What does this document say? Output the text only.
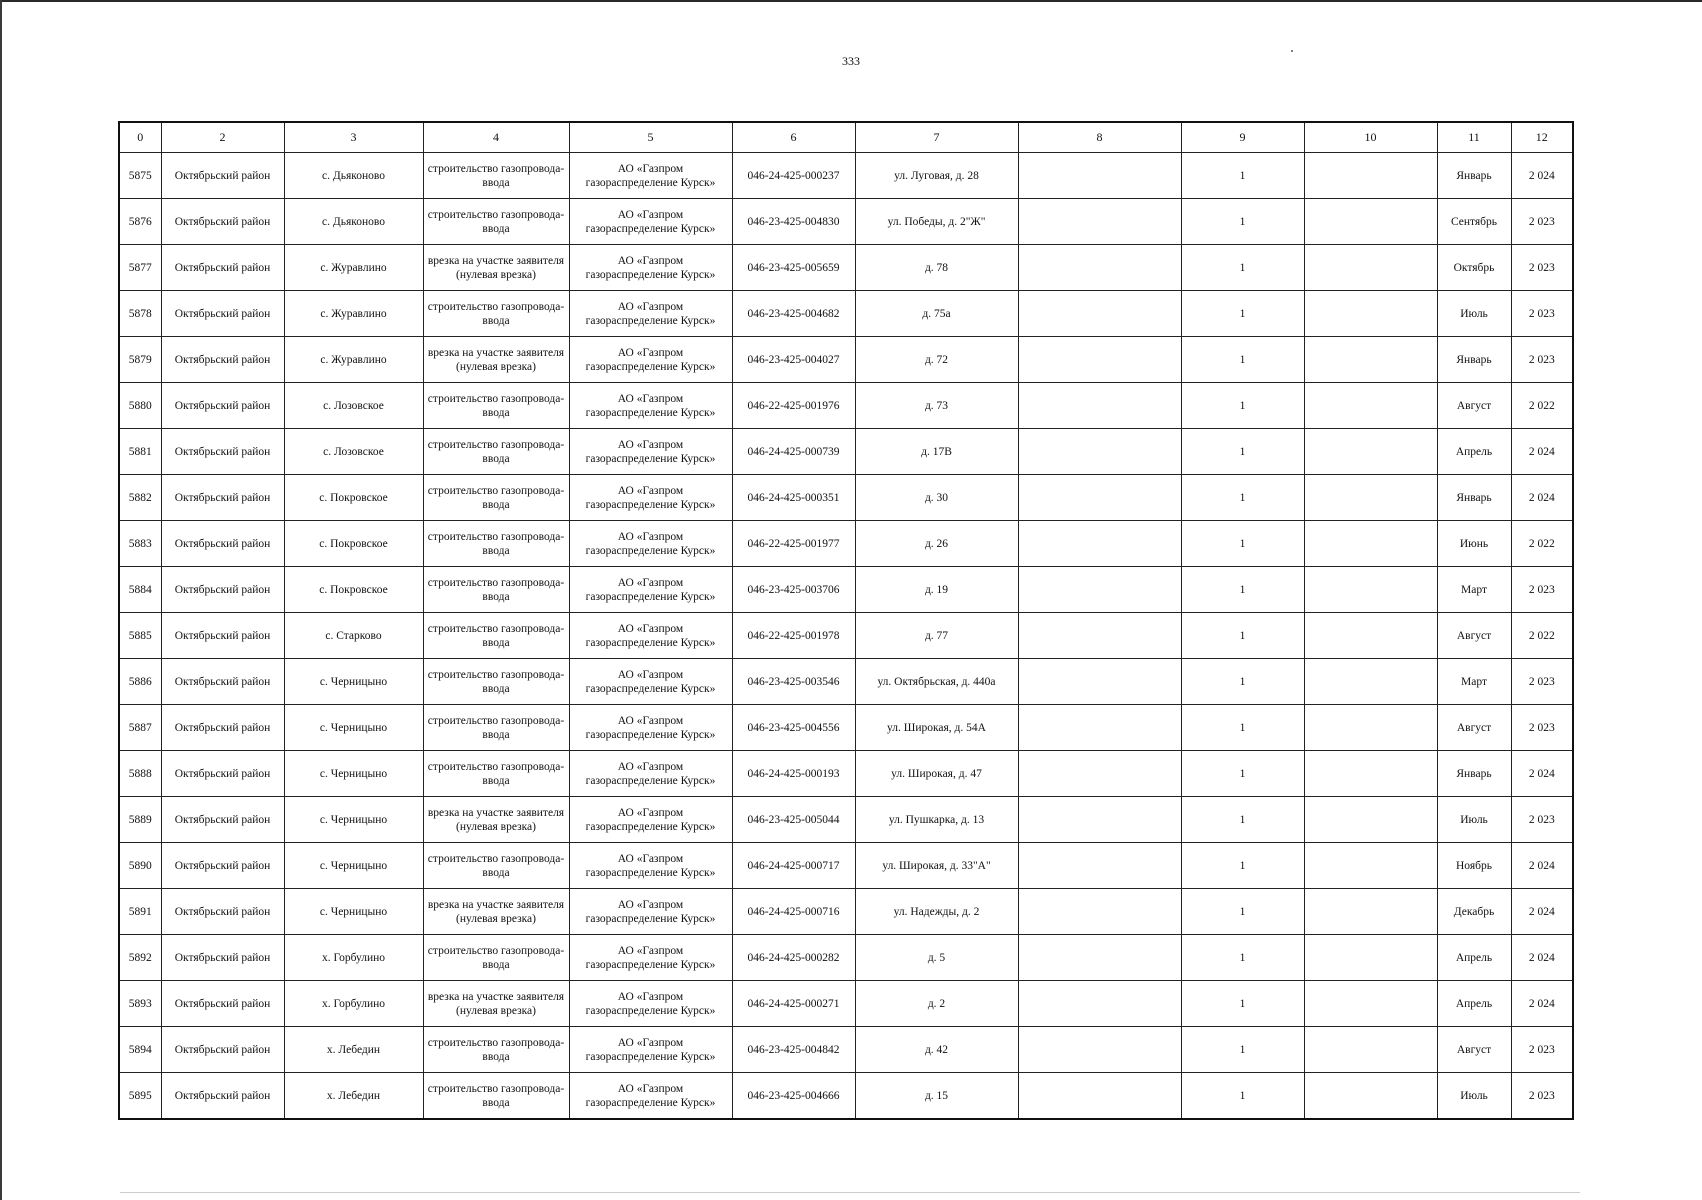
333
0	2	3	4	5	6	7	8	9	10	11	12
5875	Октябрьский район	с. Дьяконово	строительство газопровода-ввода	АО «Газпром газораспределение Курск»	046-24-425-000237	ул. Луговая, д. 28		1		Январь	2 024
5876	Октябрьский район	с. Дьяконово	строительство газопровода-ввода	АО «Газпром газораспределение Курск»	046-23-425-004830	ул. Победы, д. 2"Ж"		1		Сентябрь	2 023
5877	Октябрьский район	с. Журавлино	врезка на участке заявителя (нулевая врезка)	АО «Газпром газораспределение Курск»	046-23-425-005659	д. 78		1		Октябрь	2 023
5878	Октябрьский район	с. Журавлино	строительство газопровода-ввода	АО «Газпром газораспределение Курск»	046-23-425-004682	д. 75а		1		Июль	2 023
5879	Октябрьский район	с. Журавлино	врезка на участке заявителя (нулевая врезка)	АО «Газпром газораспределение Курск»	046-23-425-004027	д. 72		1		Январь	2 023
5880	Октябрьский район	с. Лозовское	строительство газопровода-ввода	АО «Газпром газораспределение Курск»	046-22-425-001976	д. 73		1		Август	2 022
5881	Октябрьский район	с. Лозовское	строительство газопровода-ввода	АО «Газпром газораспределение Курск»	046-24-425-000739	д. 17В		1		Апрель	2 024
5882	Октябрьский район	с. Покровское	строительство газопровода-ввода	АО «Газпром газораспределение Курск»	046-24-425-000351	д. 30		1		Январь	2 024
5883	Октябрьский район	с. Покровское	строительство газопровода-ввода	АО «Газпром газораспределение Курск»	046-22-425-001977	д. 26		1		Июнь	2 022
5884	Октябрьский район	с. Покровское	строительство газопровода-ввода	АО «Газпром газораспределение Курск»	046-23-425-003706	д. 19		1		Март	2 023
5885	Октябрьский район	с. Старково	строительство газопровода-ввода	АО «Газпром газораспределение Курск»	046-22-425-001978	д. 77		1		Август	2 022
5886	Октябрьский район	с. Черницыно	строительство газопровода-ввода	АО «Газпром газораспределение Курск»	046-23-425-003546	ул. Октябрьская, д. 440а		1		Март	2 023
5887	Октябрьский район	с. Черницыно	строительство газопровода-ввода	АО «Газпром газораспределение Курск»	046-23-425-004556	ул. Широкая, д. 54А		1		Август	2 023
5888	Октябрьский район	с. Черницыно	строительство газопровода-ввода	АО «Газпром газораспределение Курск»	046-24-425-000193	ул. Широкая, д. 47		1		Январь	2 024
5889	Октябрьский район	с. Черницыно	врезка на участке заявителя (нулевая врезка)	АО «Газпром газораспределение Курск»	046-23-425-005044	ул. Пушкарка, д. 13		1		Июль	2 023
5890	Октябрьский район	с. Черницыно	строительство газопровода-ввода	АО «Газпром газораспределение Курск»	046-24-425-000717	ул. Широкая, д. 33"А"		1		Ноябрь	2 024
5891	Октябрьский район	с. Черницыно	врезка на участке заявителя (нулевая врезка)	АО «Газпром газораспределение Курск»	046-24-425-000716	ул. Надежды, д. 2		1		Декабрь	2 024
5892	Октябрьский район	х. Горбулино	строительство газопровода-ввода	АО «Газпром газораспределение Курск»	046-24-425-000282	д. 5		1		Апрель	2 024
5893	Октябрьский район	х. Горбулино	врезка на участке заявителя (нулевая врезка)	АО «Газпром газораспределение Курск»	046-24-425-000271	д. 2		1		Апрель	2 024
5894	Октябрьский район	х. Лебедин	строительство газопровода-ввода	АО «Газпром газораспределение Курск»	046-23-425-004842	д. 42		1		Август	2 023
5895	Октябрьский район	х. Лебедин	строительство газопровода-ввода	АО «Газпром газораспределение Курск»	046-23-425-004666	д. 15		1		Июль	2 023
